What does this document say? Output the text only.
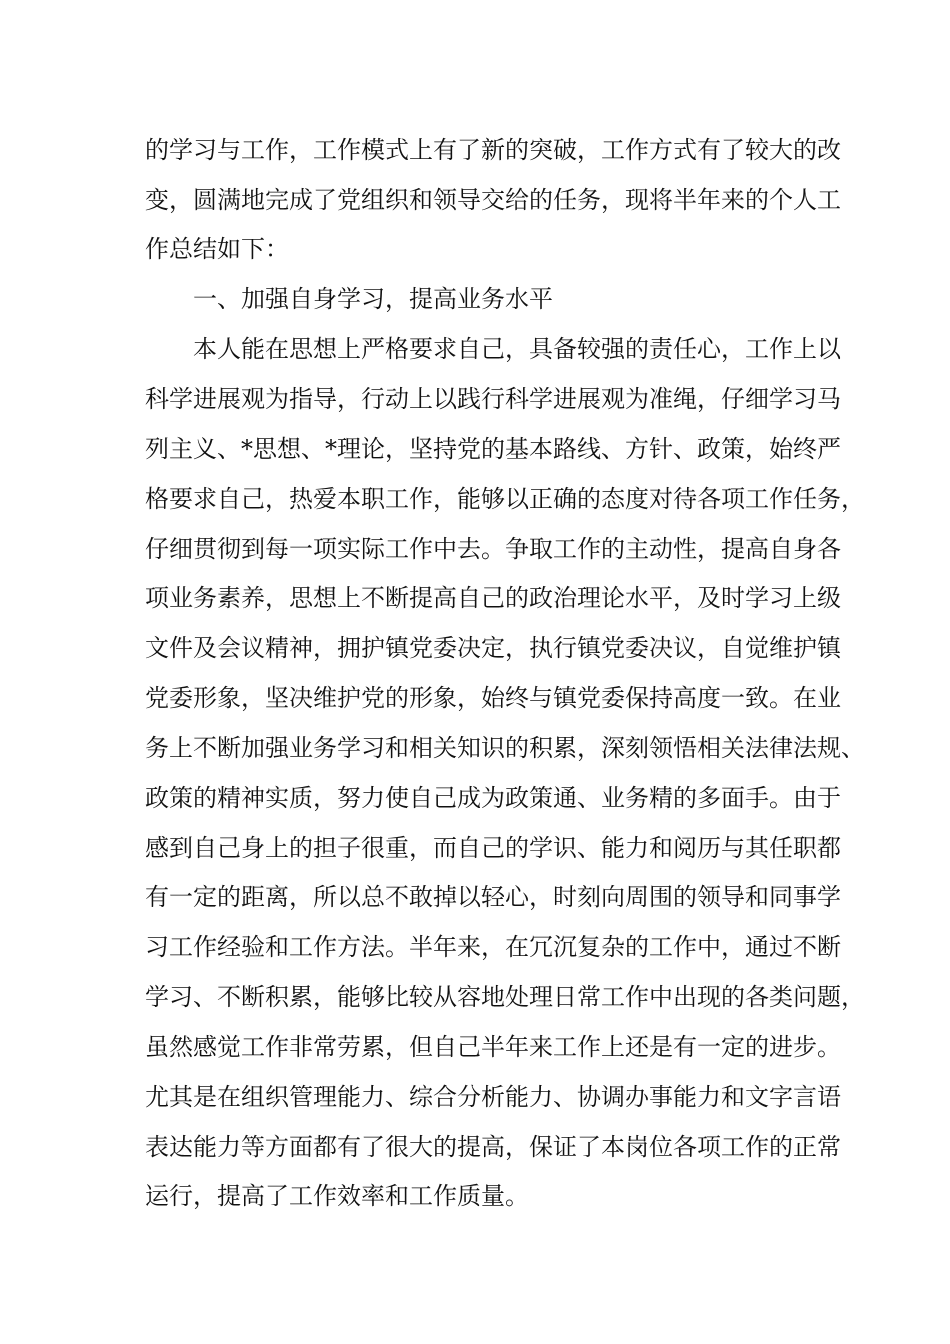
的学习与工作，工作模式上有了新的突破，工作方式有了较大的改

变，圆满地完成了党组织和领导交给的任务，现将半年来的个人工

作总结如下：

一、加强自身学习，提高业务水平

本人能在思想上严格要求自己，具备较强的责任心，工作上以

科学进展观为指导，行动上以践行科学进展观为准绳，仔细学习马

列主义、*思想、*理论，坚持党的基本路线、方针、政策，始终严

格要求自己，热爱本职工作，能够以正确的态度对待各项工作任务，

仔细贯彻到每一项实际工作中去。争取工作的主动性，提高自身各

项业务素养，思想上不断提高自己的政治理论水平，及时学习上级

文件及会议精神，拥护镇党委决定，执行镇党委决议，自觉维护镇

党委形象，坚决维护党的形象，始终与镇党委保持高度一致。在业

务上不断加强业务学习和相关知识的积累，深刻领悟相关法律法规、

政策的精神实质，努力使自己成为政策通、业务精的多面手。由于

感到自己身上的担子很重，而自己的学识、能力和阅历与其任职都

有一定的距离，所以总不敢掉以轻心，时刻向周围的领导和同事学

习工作经验和工作方法。半年来，在冗沉复杂的工作中，通过不断

学习、不断积累，能够比较从容地处理日常工作中出现的各类问题，

虽然感觉工作非常劳累，但自己半年来工作上还是有一定的进步。

尤其是在组织管理能力、综合分析能力、协调办事能力和文字言语

表达能力等方面都有了很大的提高，保证了本岗位各项工作的正常

运行，提高了工作效率和工作质量。
